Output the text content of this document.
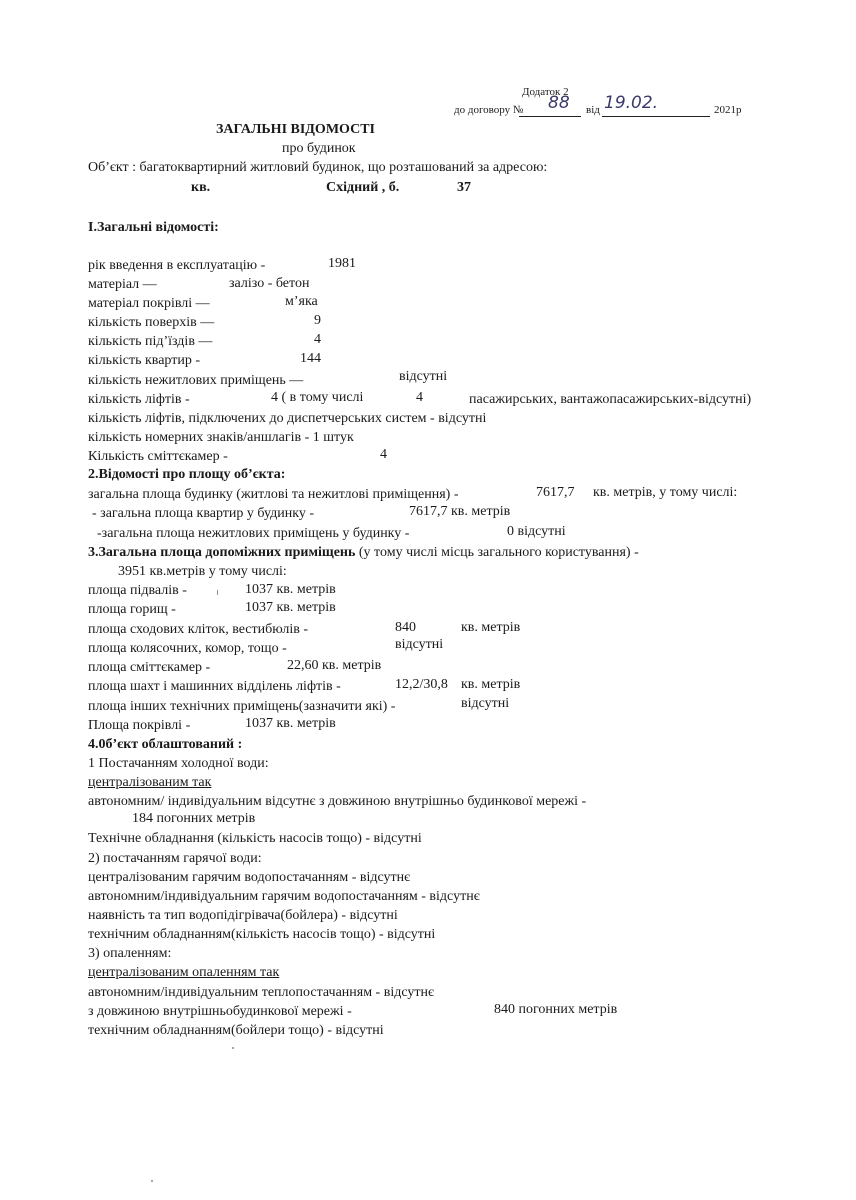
Додаток 2
до договору № 88 від 19.02.	2021р
ЗАГАЛЬНІ ВІДОМОСТІ
про будинок
Об’єкт : багатоквартирний житловий будинок, що розташований за адресою:
кв.	Східний , б.	37
І.Загальні відомості:
рік введення в експлуатацію -	1981
матеріал —	залізо - бетон
матеріал покрівлі —	м’яка
кількість поверхів —	9
кількість під’їздів —	4
кількість квартир -	144
кількість нежитлових приміщень —	відсутні
кількість ліфтів -	4 ( в тому числі	4	пасажирських, вантажопасажирських-відсутні)
кількість ліфтів, підключених до диспетчерських систем - відсутні
кількість номерних знаків/аншлагів - 1 штук
Кількість сміттєкамер -	4
2.Відомості про площу об’єкта:
загальна площа будинку (житлові та нежитлові приміщення) -	7617,7 кв. метрів, у тому числі:
- загальна площа квартир у будинку -	7617,7 кв. метрів
-загальна площа нежитлових приміщень у будинку -	0 відсутні
3.Загальна площа допоміжних приміщень (у тому числі місць загального користування) -
3951 кв.метрів у тому числі:
площа підвалів -	1037 кв. метрів
площа горищ -	1037 кв. метрів
площа сходових кліток, вестибюлів -	840	кв. метрів
площа колясочних, комор, тощо -	відсутні
площа сміттєкамер -	22,60 кв. метрів
площа шахт і машинних відділень ліфтів -	12,2/30,8 кв. метрів
площа інших технічних приміщень(зазначити які) -	відсутні
Площа покрівлі -	1037 кв. метрів
4.0б’єкт облаштований :
1 Постачанням холодної води:
централізованим так
автономним/ індивідуальним відсутнє з довжиною внутрішньо будинкової мережі -
184 погонних метрів
Технічне обладнання (кількість насосів тощо) - відсутні
2) постачанням гарячої води:
централізованим гарячим водопостачанням - відсутнє
автономним/індивідуальним гарячим водопостачанням - відсутнє
наявність та тип водопідігрівача(бойлера) - відсутні
технічним обладнанням(кількість насосів тощо) - відсутні
3) опаленням:
централізованим опаленням так
автономним/індивідуальним теплопостачанням - відсутнє
з довжиною внутрішньобудинкової мережі -	840 погонних метрів
технічним обладнанням(бойлери тощо) - відсутні
